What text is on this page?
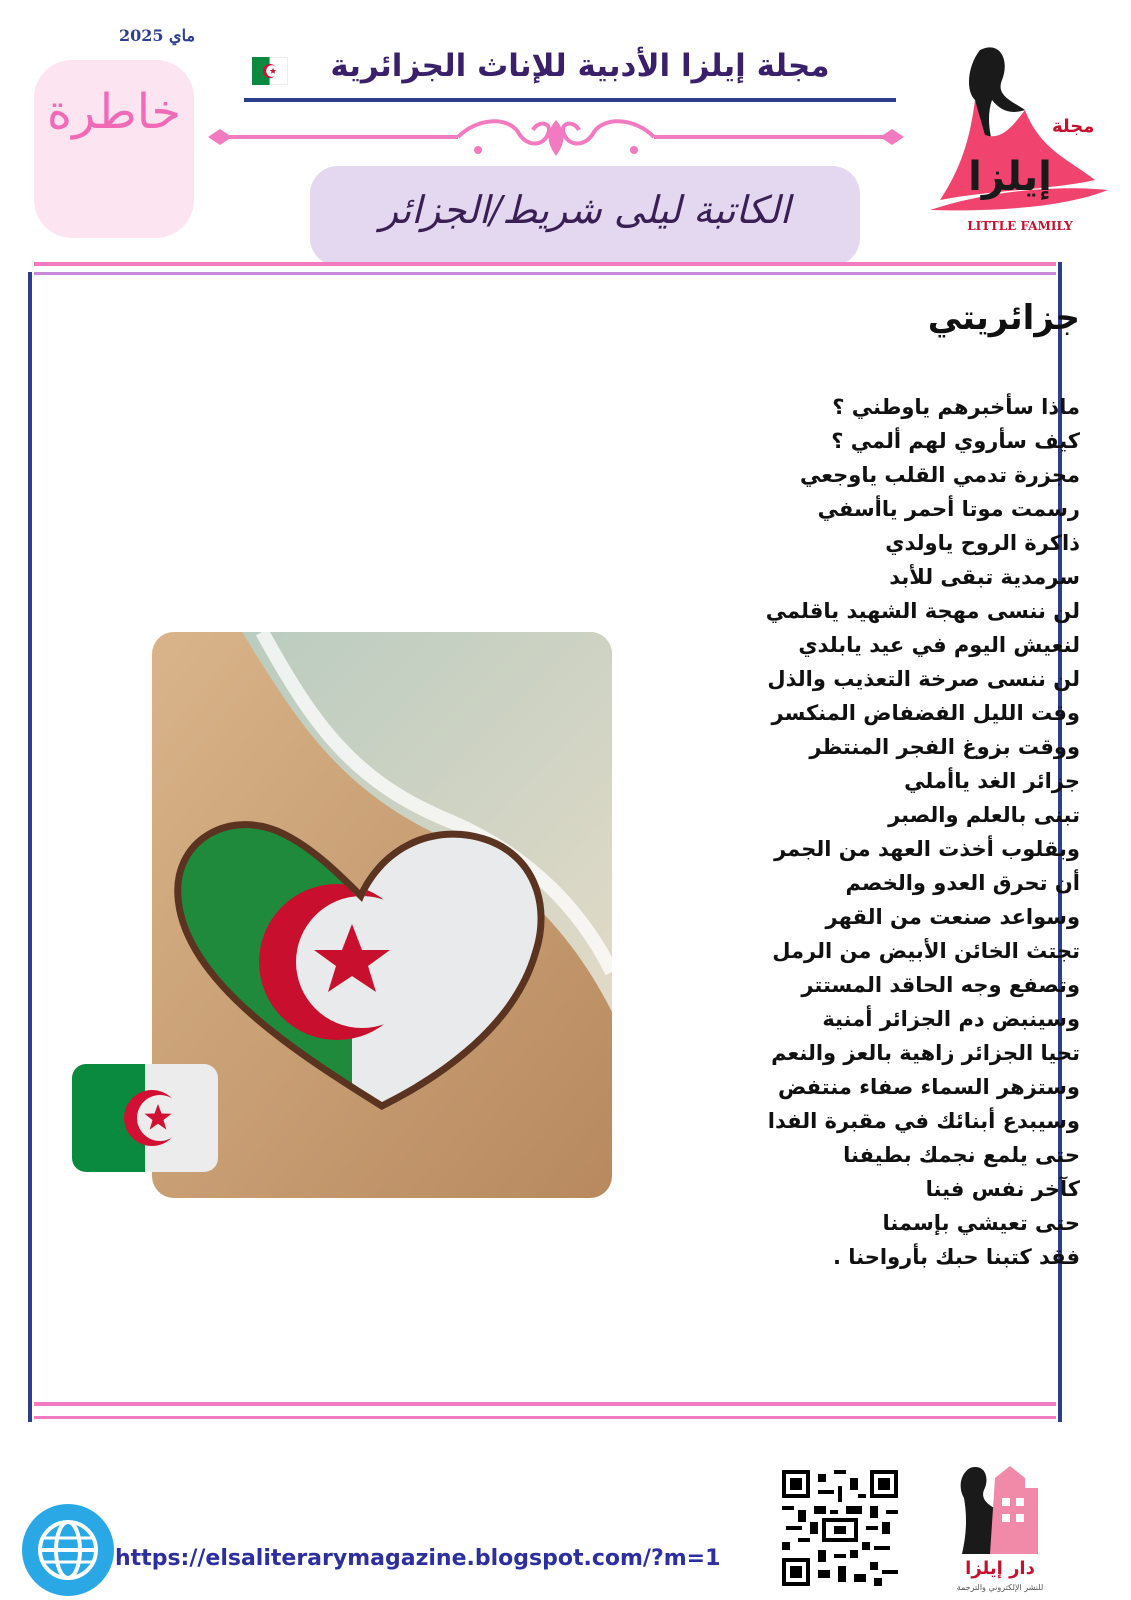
ماي 2025
خاطرة
مجلة إيلزا الأدبية للإناث الجزائرية
الكاتبة ليلى شريط/الجزائر
مجلة
إيلزا
LITTLE FAMILY
جزائريتي
ماذا سأخبرهم ياوطني ؟
كيف سأروي لهم ألمي ؟
مجزرة تدمي القلب ياوجعي
رسمت موتا أحمر ياأسفي
ذاكرة الروح ياولدي
سرمدية تبقى للأبد
لن ننسى مهجة الشهيد ياقلمي
لنعيش اليوم في عيد يابلدي
لن ننسى صرخة التعذيب والذل
وقت الليل الفضفاض المنكسر
ووقت بزوغ الفجر المنتظر
جزائر الغد ياأملي
تبنى بالعلم والصبر
وبقلوب أخذت العهد من الجمر
أن تحرق العدو والخصم
وسواعد صنعت من القهر
تجتث الخائن الأبيض من الرمل
وتصفع وجه الحاقد المستتر
وسينبض دم الجزائر أمنية
تحيا الجزائر زاهية بالعز والنعم
وستزهر السماء صفاء منتفض
وسيبدع أبنائك في مقبرة الفدا
حتى يلمع نجمك بطيفنا
كآخر نفس فينا
حتى تعيشي بإسمنا
فقد كتبنا حبك بأرواحنا .
https://elsaliterarymagazine.blogspot.com/?m=1	دار إيلزا
للنشر الإلكتروني والترجمة
